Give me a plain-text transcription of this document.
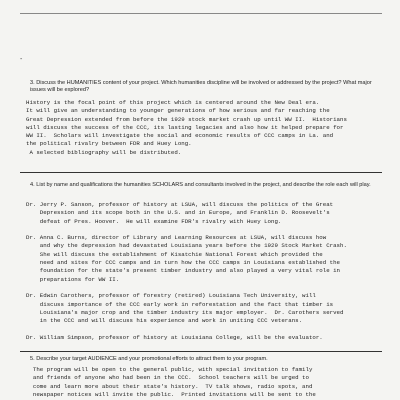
-
3. Discuss the HUMANITIES content of your project. Which humanities discipline will be involved or addressed by the project? What major issues will be explored?
History is the focal point of this project which is centered around the New Deal era.
It will give an understanding to younger generations of how serious and far reaching the
Great Depression extended from before the 1929 stock market crash up until WW II.  Historians
will discuss the success of the CCC, its lasting legacies and also how it helped prepare for
WW II.  Scholars will investigate the social and economic results of CCC camps in La. and
the political rivalry between FDR and Huey Long.
A selected bibliography will be distributed.
4. List by name and qualifications the humanities SCHOLARS and consultants involved in the project, and describe the role each will play.
Dr. Jerry P. Sanson, professor of history at LSUA, will discuss the politics of the Great
Depression and its scope both in the U.S. and in Europe, and Franklin D. Roosevelt's
defeat of Pres. Hoover.  He will examine FDR's rivalry with Huey Long.
Dr. Anna C. Burns, director of Library and Learning Resources at LSUA, will discuss how
and why the depression had devastated Louisiana years before the 1929 Stock Market Crash.
She will discuss the establishment of Kisatchie National Forest which provided the
need and sites for CCC camps and in turn how the CCC camps in Louisiana established the
foundation for the state's present timber industry and also played a very vital role in
preparations for WW II.
Dr. Edwin Carothers, professor of forestry (retired) Louisiana Tech University, will
discuss importance of the CCC early work in reforestation and the fact that timber is
Louisiana's major crop and the timber industry its major employer.  Dr. Carothers served
in the CCC and will discuss his experience and work in uniting CCC veterans.
Dr. William Simpson, professor of history at Louisiana College, will be the evaluator.
5. Describe your target AUDIENCE and your promotional efforts to attract them to your program.
The program will be open to the general public, with special invitation to family
and friends of anyone who had been in the CCC.  School teachers will be urged to
come and learn more about their state's history.  TV talk shows, radio spots, and
newspaper notices will invite the public.  Printed invitations will be sent to the
